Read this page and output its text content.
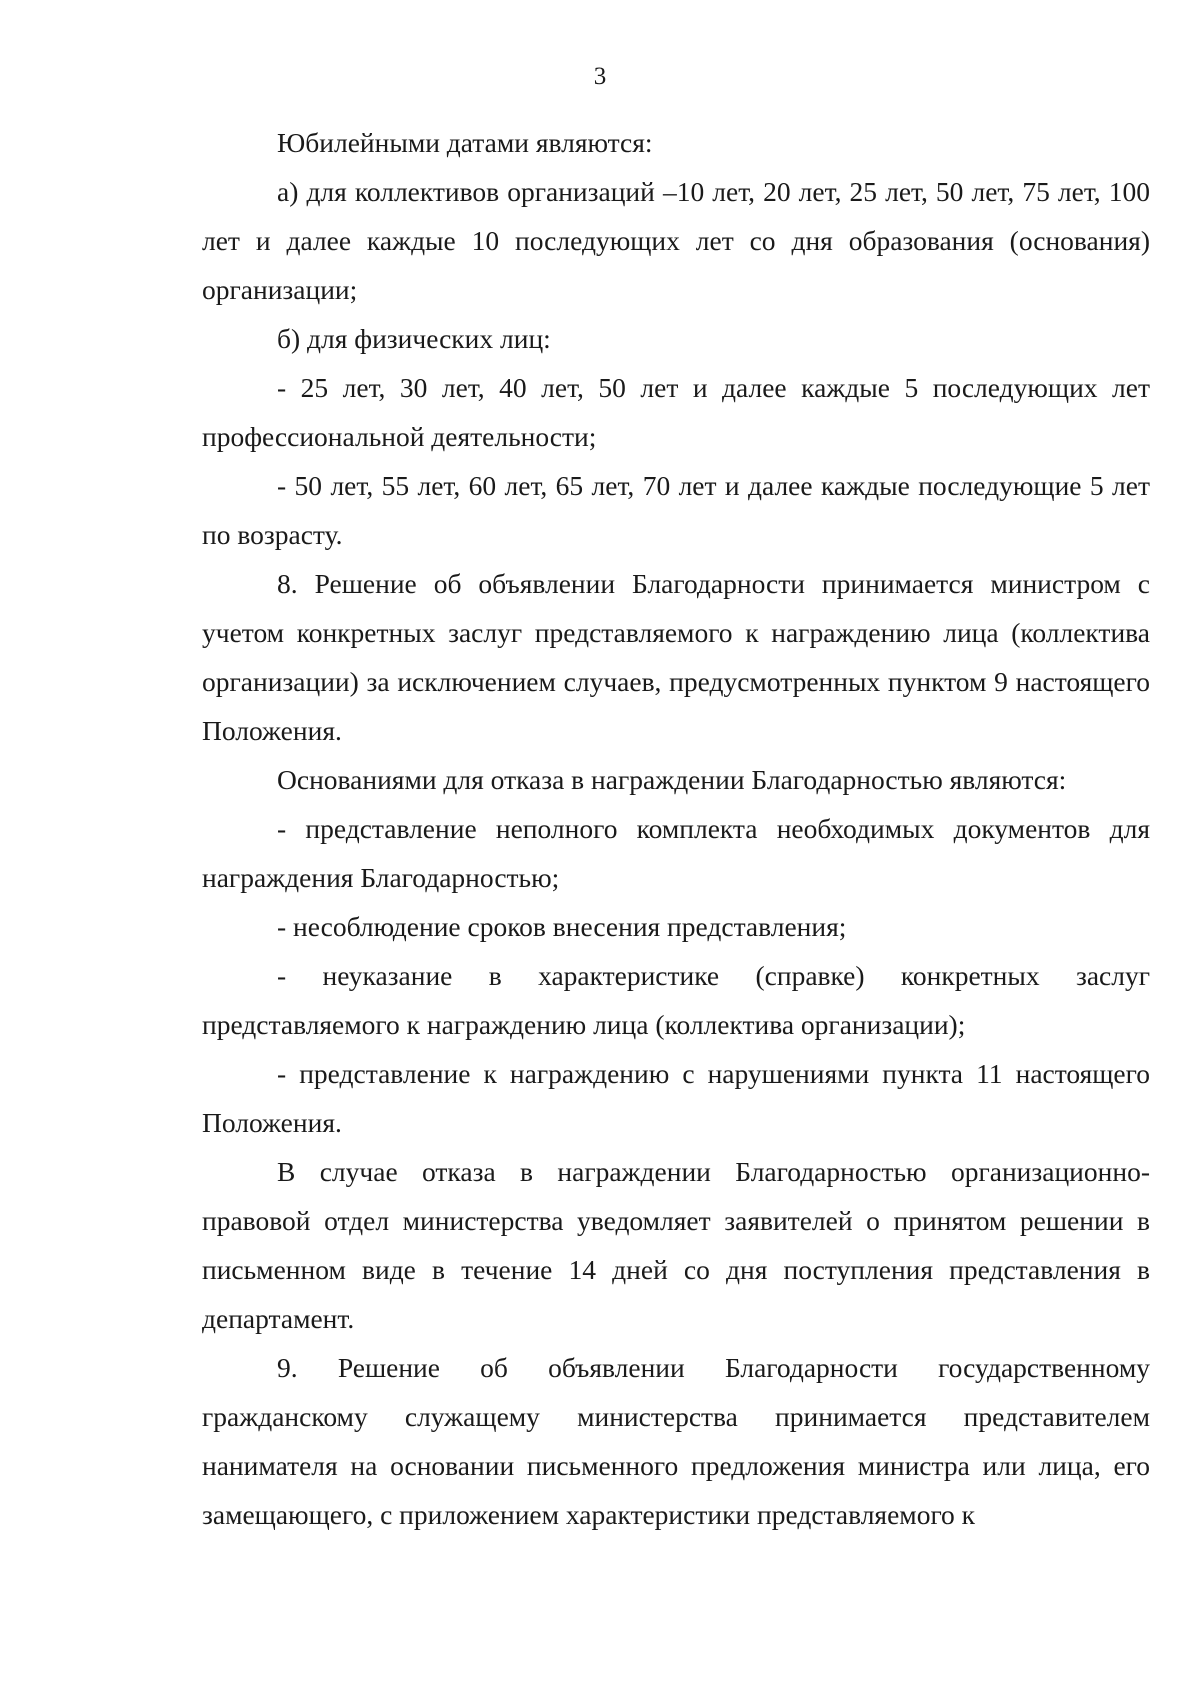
3

Юбилейными датами являются:

а) для коллективов организаций –10 лет, 20 лет, 25 лет, 50 лет, 75 лет, 100 лет и далее каждые 10 последующих лет со дня образования (основания) организации;

б) для физических лиц:

- 25 лет, 30 лет, 40 лет, 50 лет и далее каждые 5 последующих лет профессиональной деятельности;

- 50 лет, 55 лет, 60 лет, 65 лет, 70 лет и далее каждые последующие 5 лет по возрасту.

8. Решение об объявлении Благодарности принимается министром с учетом конкретных заслуг представляемого к награждению лица (коллектива организации) за исключением случаев, предусмотренных пунктом 9 настоящего Положения.

Основаниями для отказа в награждении Благодарностью являются:

- представление неполного комплекта необходимых документов для награждения Благодарностью;

- несоблюдение сроков внесения представления;

- неуказание в характеристике (справке) конкретных заслуг представляемого к награждению лица (коллектива организации);

- представление к награждению с нарушениями пункта 11 настоящего Положения.

В случае отказа в награждении Благодарностью организационно-правовой отдел министерства уведомляет заявителей о принятом решении в письменном виде в течение 14 дней со дня поступления представления в департамент.

9. Решение об объявлении Благодарности государственному гражданскому служащему министерства принимается представителем нанимателя на основании письменного предложения министра или лица, его замещающего, с приложением характеристики представляемого к
